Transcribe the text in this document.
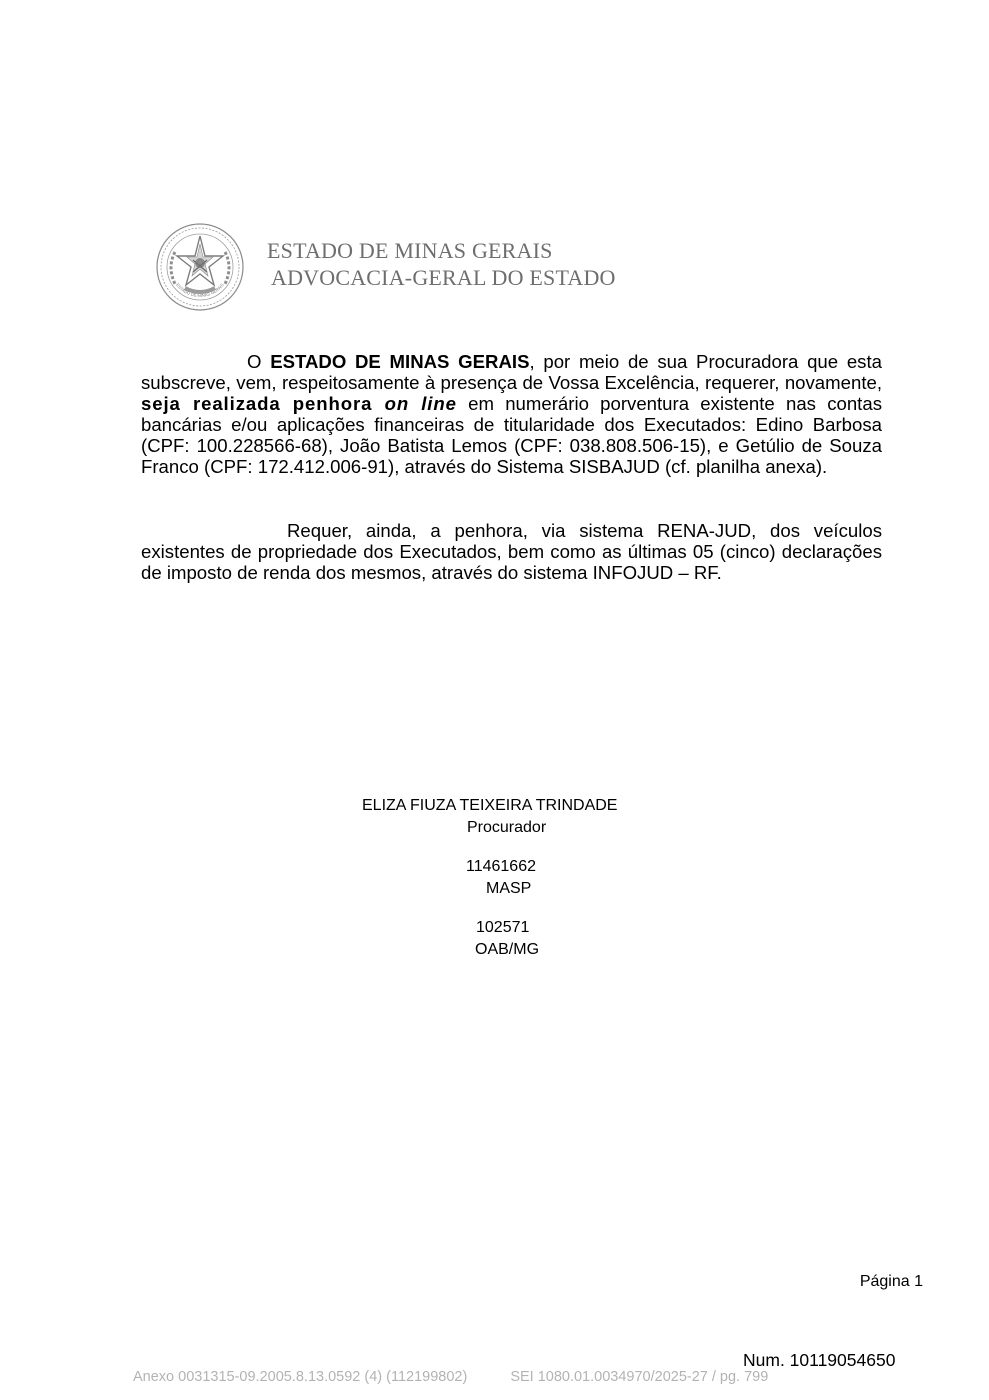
ESTADO DE MINAS GERAIS
ESTADO DE MINAS GERAIS
ADVOCACIA-GERAL DO ESTADO
O ESTADO DE MINAS GERAIS, por meio de sua Procuradora que esta subscreve, vem, respeitosamente à presença de Vossa Excelência, requerer, novamente, seja realizada penhora on line em numerário porventura existente nas contas bancárias e/ou aplicações financeiras de titularidade dos Executados: Edino Barbosa (CPF: 100.228566-68), João Batista Lemos (CPF: 038.808.506-15), e Getúlio de Souza Franco (CPF: 172.412.006-91), através do Sistema SISBAJUD (cf. planilha anexa).
Requer, ainda, a penhora, via sistema RENA-JUD, dos veículos existentes de propriedade dos Executados, bem como as últimas 05 (cinco) declarações de imposto de renda dos mesmos, através do sistema INFOJUD – RF.
ELIZA FIUZA TEIXEIRA TRINDADE
Procurador
11461662
MASP
102571
OAB/MG
Página 1
Num. 10119054650
Anexo 0031315-09.2005.8.13.0592 (4) (112199802)	SEI 1080.01.0034970/2025-27 / pg. 799
